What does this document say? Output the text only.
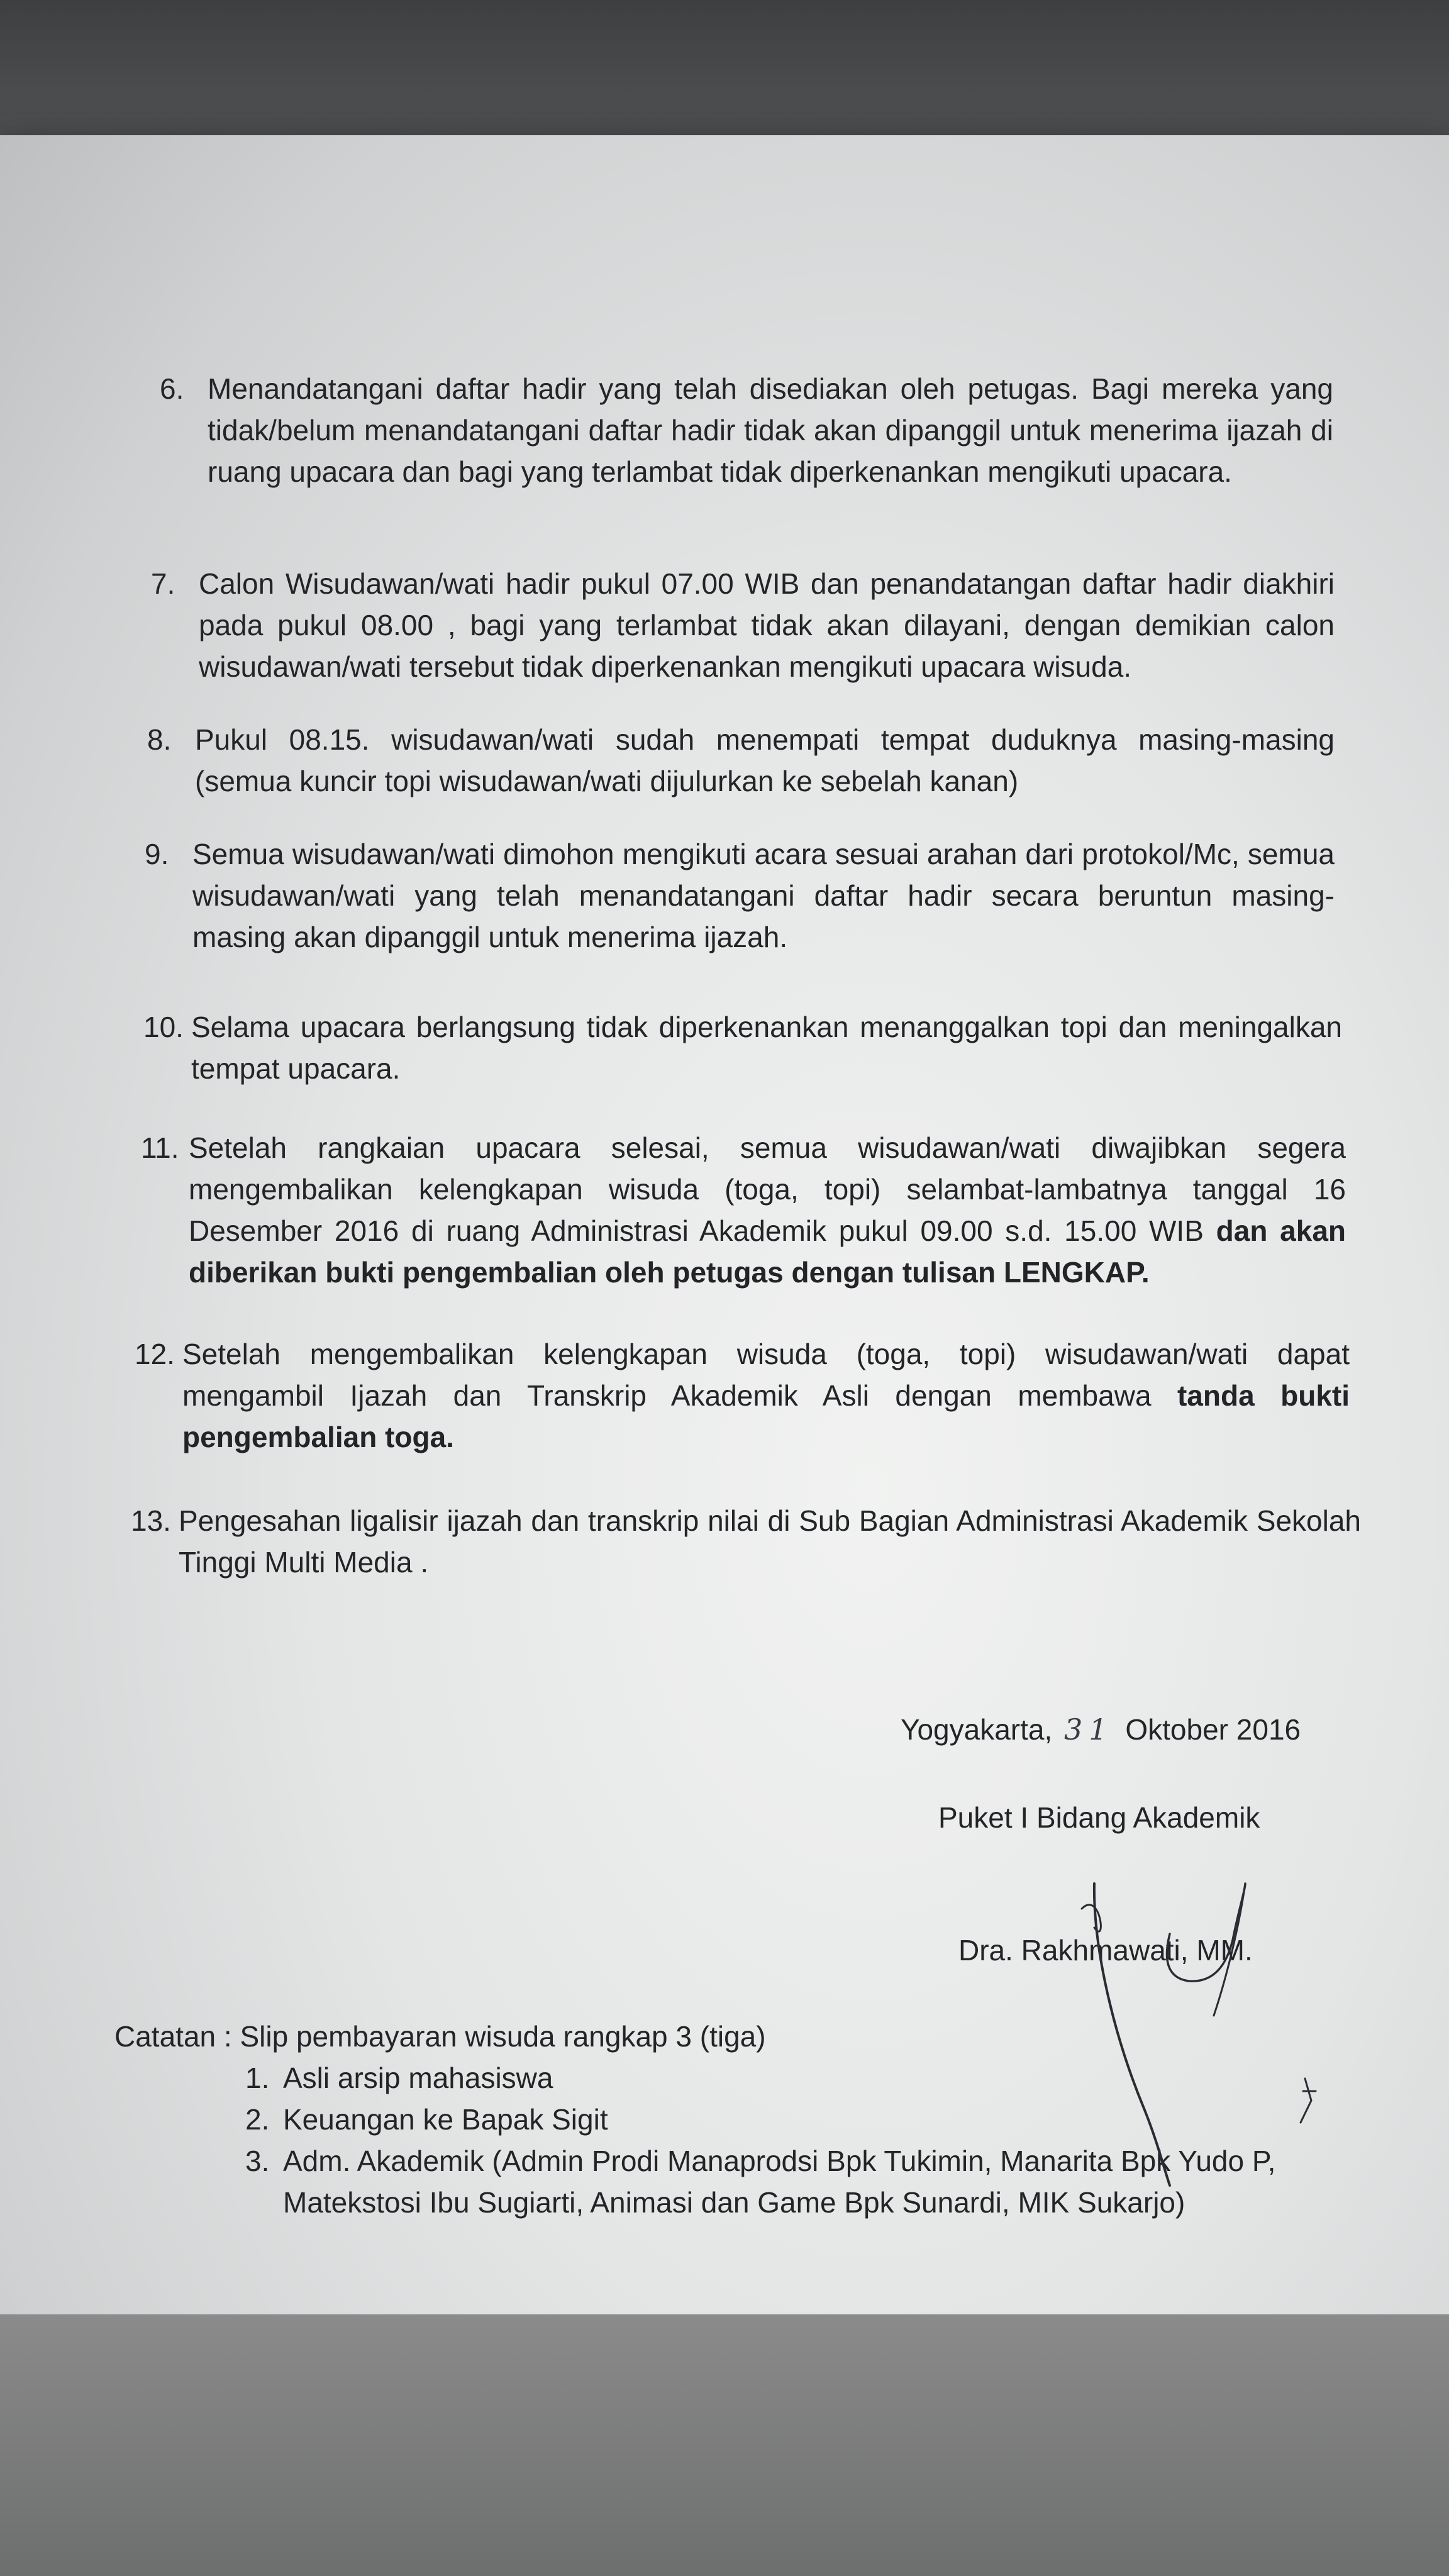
6. Menandatangani daftar hadir yang telah disediakan oleh petugas. Bagi mereka yang tidak/belum menandatangani daftar hadir tidak akan dipanggil untuk menerima ijazah di ruang upacara dan bagi yang terlambat tidak diperkenankan mengikuti upacara.
7. Calon Wisudawan/wati hadir pukul 07.00 WIB dan penandatangan daftar hadir diakhiri pada pukul 08.00 , bagi yang terlambat tidak akan dilayani, dengan demikian calon wisudawan/wati tersebut tidak diperkenankan mengikuti upacara wisuda.
8. Pukul 08.15. wisudawan/wati sudah menempati tempat duduknya masing-masing (semua kuncir topi wisudawan/wati dijulurkan ke sebelah kanan)
9. Semua wisudawan/wati dimohon mengikuti acara sesuai arahan dari protokol/Mc, semua wisudawan/wati yang telah menandatangani daftar hadir secara beruntun masing-masing akan dipanggil untuk menerima ijazah.
10. Selama upacara berlangsung tidak diperkenankan menanggalkan topi dan meningalkan tempat upacara.
11. Setelah rangkaian upacara selesai, semua wisudawan/wati diwajibkan segera mengembalikan kelengkapan wisuda (toga, topi) selambat-lambatnya tanggal 16 Desember 2016 di ruang Administrasi Akademik pukul 09.00 s.d. 15.00 WIB dan akan diberikan bukti pengembalian oleh petugas dengan tulisan LENGKAP.
12. Setelah mengembalikan kelengkapan wisuda (toga, topi) wisudawan/wati dapat mengambil Ijazah dan Transkrip Akademik Asli dengan membawa tanda bukti pengembalian toga.
13. Pengesahan ligalisir ijazah dan transkrip nilai di Sub Bagian Administrasi Akademik Sekolah Tinggi Multi Media .
Yogyakarta, 31 Oktober 2016
Puket I Bidang Akademik
Dra. Rakhmawati, MM.
Catatan : Slip pembayaran wisuda rangkap 3 (tiga)
1. Asli arsip mahasiswa
2. Keuangan ke Bapak Sigit
3. Adm. Akademik (Admin Prodi Manaprodsi Bpk Tukimin, Manarita Bpk Yudo P, Matekstosi Ibu Sugiarti, Animasi dan Game Bpk Sunardi, MIK Sukarjo)
